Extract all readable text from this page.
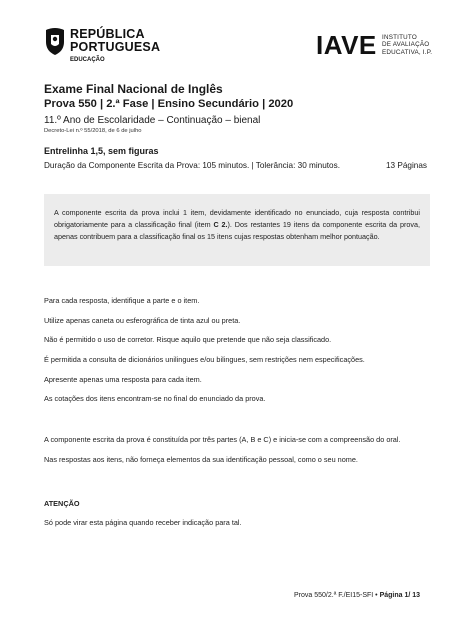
REPÚBLICA
PORTUGUESA
EDUCAÇÃO	IAVE INSTITUTO
DE AVALIAÇÃO
EDUCATIVA, I.P.
Exame Final Nacional de Inglês
Prova 550 | 2.ª Fase | Ensino Secundário | 2020
11.º Ano de Escolaridade – Continuação – bienal
Decreto-Lei n.º 55/2018, de 6 de julho
Entrelinha 1,5, sem figuras
Duração da Componente Escrita da Prova: 105 minutos. | Tolerância: 30 minutos.	13 Páginas

A componente escrita da prova inclui 1 item, devidamente identificado no enunciado, cuja resposta contribui obrigatoriamente para a classificação final (item C 2.). Dos restantes 19 itens da componente escrita da prova, apenas contribuem para a classificação final os 15 itens cujas respostas obtenham melhor pontuação.

Para cada resposta, identifique a parte e o item.
Utilize apenas caneta ou esferográfica de tinta azul ou preta.
Não é permitido o uso de corretor. Risque aquilo que pretende que não seja classificado.
É permitida a consulta de dicionários unilingues e/ou bilingues, sem restrições nem especificações.
Apresente apenas uma resposta para cada item.
As cotações dos itens encontram-se no final do enunciado da prova.
A componente escrita da prova é constituída por três partes (A, B e C) e inicia-se com a compreensão do oral.
Nas respostas aos itens, não forneça elementos da sua identificação pessoal, como o seu nome.
ATENÇÃO
Só pode virar esta página quando receber indicação para tal.
Prova 550/2.ª F./EI15-SFI • Página 1/ 13
